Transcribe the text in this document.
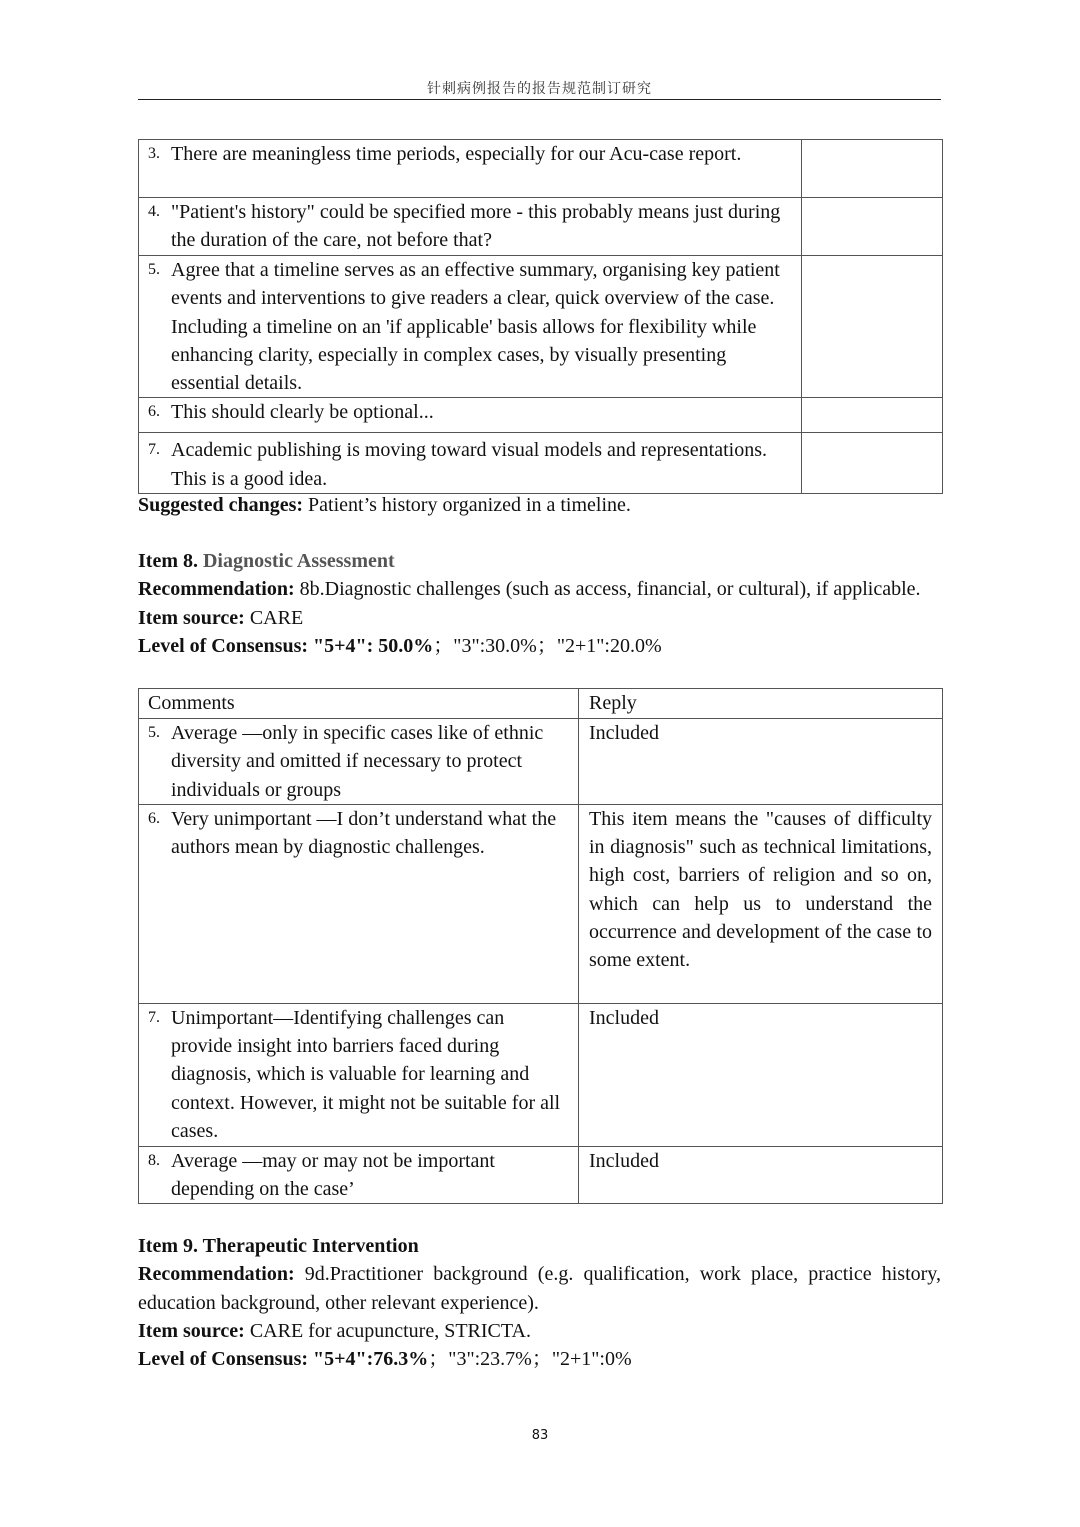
针刺病例报告的报告规范制订研究
3. There are meaningless time periods, especially for our Acu-case report.	
4. "Patient's history" could be specified more - this probably means just during the duration of the care, not before that?	
5. Agree that a timeline serves as an effective summary, organising key patient events and interventions to give readers a clear, quick overview of the case. Including a timeline on an 'if applicable' basis allows for flexibility while enhancing clarity, especially in complex cases, by visually presenting essential details.	
6. This should clearly be optional...	
7. Academic publishing is moving toward visual models and representations. This is a good idea.	
Suggested changes: Patient’s history organized in a timeline.
Item 8. Diagnostic Assessment
Recommendation: 8b.Diagnostic challenges (such as access, financial, or cultural), if applicable.
Item source: CARE
Level of Consensus: "5+4": 50.0%；"3":30.0%；"2+1":20.0%
Comments	Reply
5. Average —only in specific cases like of ethnic diversity and omitted if necessary to protect individuals or groups	Included
6. Very unimportant —I don’t understand what the authors mean by diagnostic challenges.	This item means the "causes of difficulty in diagnosis" such as technical limitations, high cost, barriers of religion and so on, which can help us to understand the occurrence and development of the case to some extent.
7. Unimportant—Identifying challenges can provide insight into barriers faced during diagnosis, which is valuable for learning and context. However, it might not be suitable for all cases.	Included
8. Average —may or may not be important depending on the case’	Included
Item 9. Therapeutic Intervention
Recommendation: 9d.Practitioner background (e.g. qualification, work place, practice history, education background, other relevant experience).
Item source: CARE for acupuncture, STRICTA.
Level of Consensus: "5+4":76.3%；"3":23.7%；"2+1":0%
83
